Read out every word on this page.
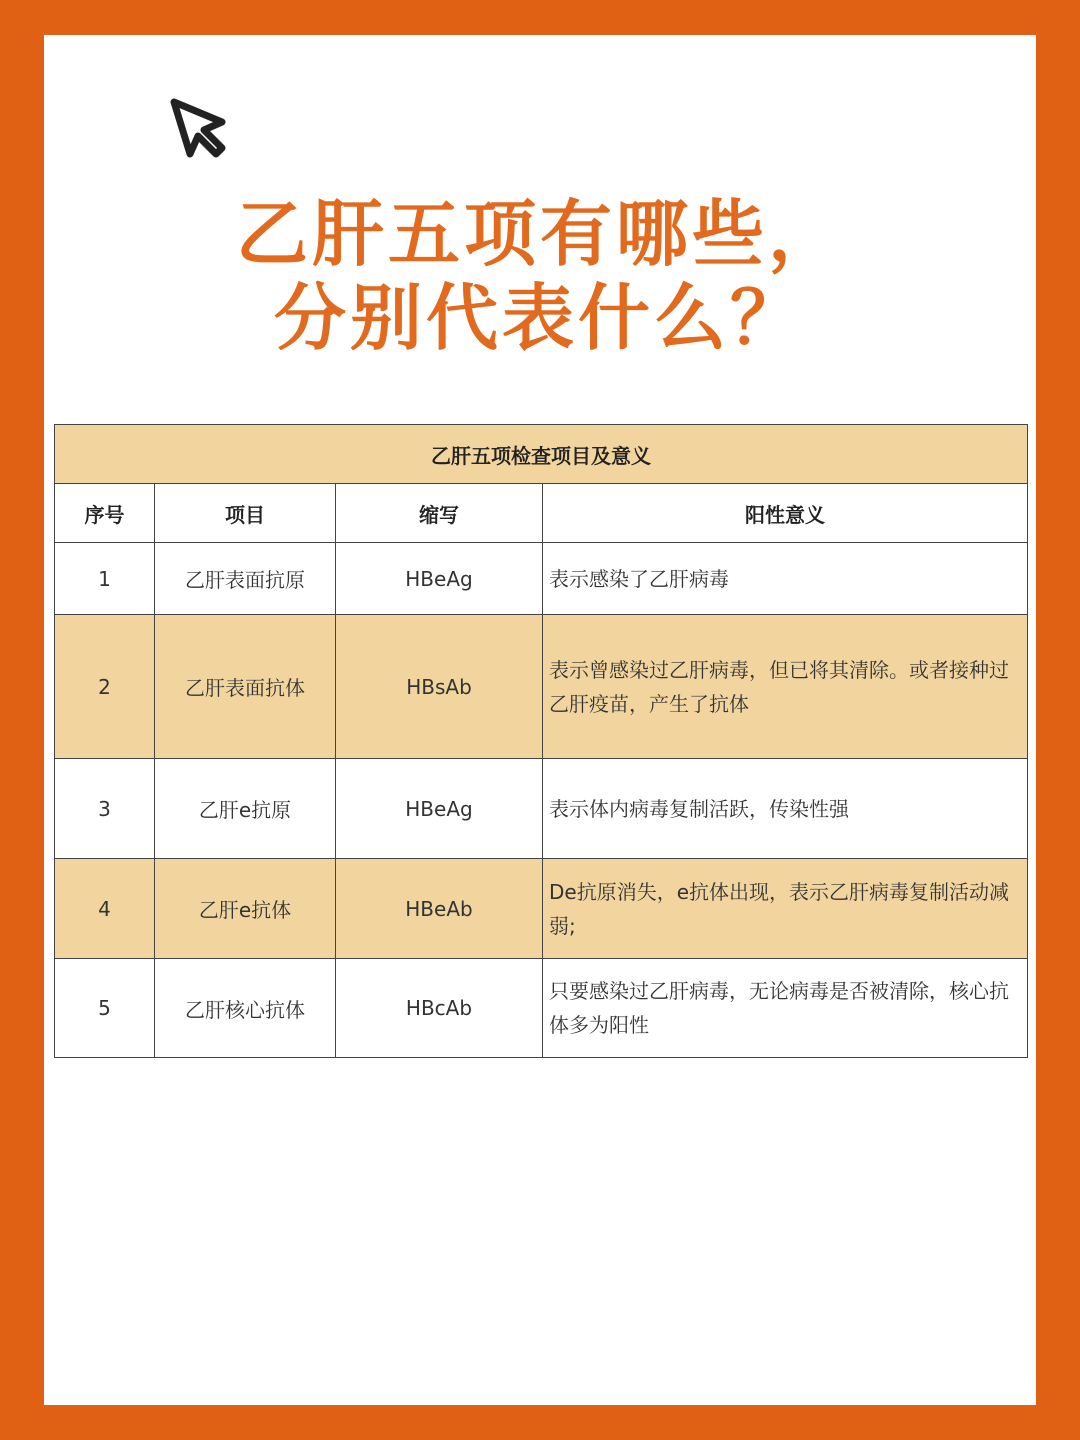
乙肝五项有哪些，
分别代表什么？
乙肝五项检查项目及意义			
序号	项目	缩写	阳性意义
1	乙肝表面抗原	HBeAg	表示感染了乙肝病毒
2	乙肝表面抗体	HBsAb	表示曾感染过乙肝病毒，但已将其清除。或者接种过乙肝疫苗，产生了抗体
3	乙肝e抗原	HBeAg	表示体内病毒复制活跃，传染性强
4	乙肝e抗体	HBeAb	De抗原消失，e抗体出现，表示乙肝病毒复制活动减弱;
5	乙肝核心抗体	HBcAb	只要感染过乙肝病毒，无论病毒是否被清除，核心抗体多为阳性
